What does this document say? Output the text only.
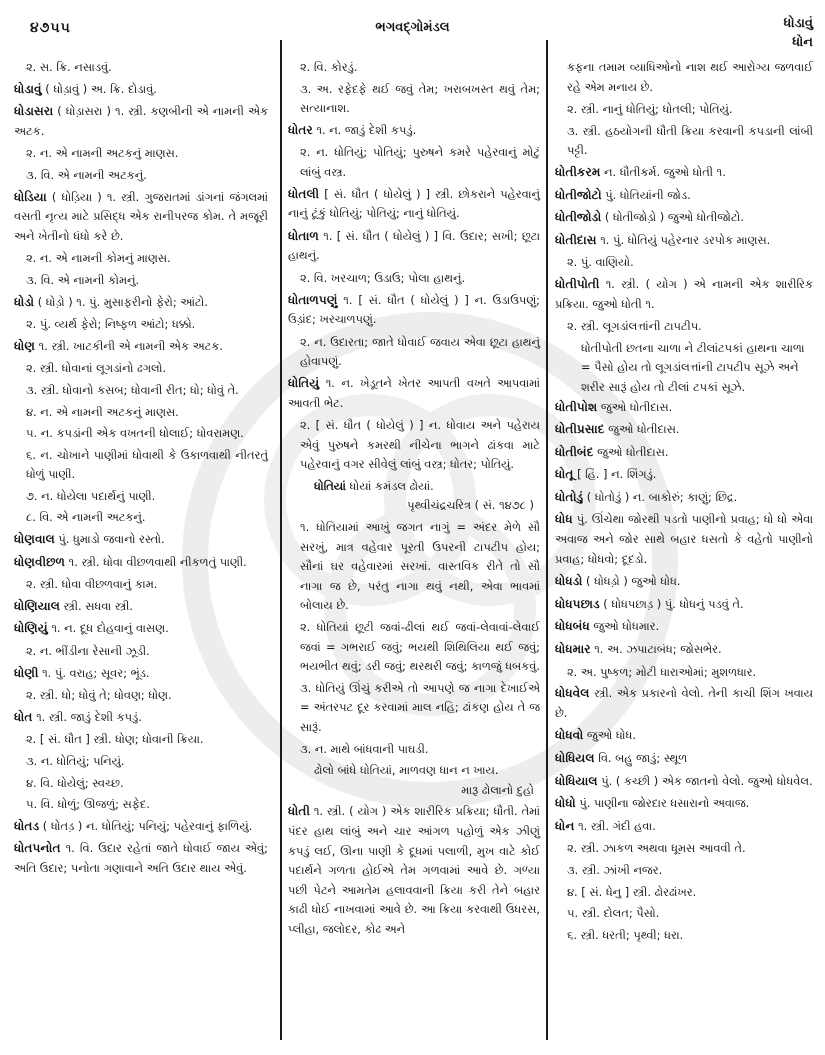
૪૭૫૫	ભગવદ્ગોમંડલ	ધોડાવું
ધોન
૨. સ. ક્રિ. નસાડવું.
ધોડાવું ( ધોડ઼ાવું ) અ. ક્રિ. દોડાવું.
ધોડાસરા ( ધોડ઼ાસરા ) ૧. સ્ત્રી. કણબીની એ નામની એક અટક.
૨. ન. એ નામની અટકનું માણસ.
૩. વિ. એ નામની અટકનું.
ધોડિયા ( ધોડ઼િયા ) ૧. સ્ત્રી. ગુજરાતમાં ડાંગનાં જંગલમાં વસતી નૃત્ય માટે પ્રસિદ્ધ એક રાનીપરજ કોમ. તે મજૂરી અને ખેતીનો ધંધો કરે છે.
૨. ન. એ નામની કોમનું માણસ.
૩. વિ. એ નામની કોમનું.
ધોડો ( ધોડ઼ો ) ૧. પું. મુસાફરીનો ફેરો; આંટો.
૨. પું. વ્યર્થ ફેરો; નિષ્ફળ આંટો; ધક્કો.
ધોણ ૧. સ્ત્રી. ખાટકીની એ નામની એક અટક.
૨. સ્ત્રી. ધોવાનાં લૂગડાંનો ઢગલો.
૩. સ્ત્રી. ધોવાનો કસબ; ધોવાની રીત; ધો; ધોવું તે.
૪. ન. એ નામની અટકનું માણસ.
૫. ન. કપડાંની એક વખતની ધોલાઈ; ધોવરામણ.
૬. ન. ચોખાને પાણીમાં ધોવાથી કે ઉકાળવાથી નીતરતું ધોળું પાણી.
૭. ન. ધોયેલા પદાર્થનું પાણી.
૮. વિ. એ નામની અટકનું.
ધોણવાલ પું. ધુમાડો જવાનો રસ્તો.
ધોણવીછળ ૧. સ્ત્રી. ધોવા વીછળવાથી નીકળતું પાણી.
૨. સ્ત્રી. ધોવા વીછળવાનું કામ.
ધોણિયાલ સ્ત્રી. સધવા સ્ત્રી.
ધોણિયું ૧. ન. દૂધ દોહવાનું વાસણ.
૨. ન. ભીંડીના રેસાની ઝૂડી.
ધોણી ૧. પું. વરાહ; સૂવર; ભૂંડ.
૨. સ્ત્રી. ધો; ધોવું તે; ધોવણ; ધોણ.
ધોત ૧. સ્ત્રી. જાડું દેશી કપડું.
૨. [ સં. ધૌત ] સ્ત્રી. ધોણ; ધોવાની ક્રિયા.
૩. ન. ધોતિયું; પનિયું.
૪. વિ. ધોયેલું; સ્વચ્છ.
૫. વિ. ધોળું; ઊજળું; સફેદ.
ધોતડ ( ધોતડ઼ ) ન. ધોતિયું; પનિયું; પહેરવાનું ફાળિયું.
ધોતપનોત ૧. વિ. ઉદાર રહેતાં જાતે ધોવાઈ જાય એવું; અતિ ઉદાર; પનોતા ગણાવાને અતિ ઉદાર થાય એવું.
૨. વિ. કોરડું.
૩. અ. રફેદફે થઈ જવું તેમ; ખરાબખસ્ત થવું તેમ; સત્યાનાશ.
ધોતર ૧. ન. જાડું દેશી કપડું.
૨. ન. ધોતિયું; પોતિયું; પુરુષને કમરે પહેરવાનું મોટું લાંબું વસ્ત્ર.
ધોતલી [ સં. ધૌત ( ધોયેલું ) ] સ્ત્રી. છોકરાને પહેરવાનું નાનું ટૂંકું ધોતિયું; પોતિયું; નાનું ધોતિયું.
ધોતાળ ૧. [ સં. ધૌત ( ધોયેલું ) ] વિ. ઉદાર; સખી; છૂટા હાથનું.
૨. વિ. ખરચાળ; ઉડાઉ; પોલા હાથનું.
ધોતાળપણું ૧. [ સં. ધૌત ( ધોયેલું ) ] ન. ઉડાઉપણું; ઉડ઼ાંદ; ખરચાળપણું.
૨. ન. ઉદારતા; જાતે ધોવાઈ જવાય એવા છૂટા હાથનું હોવાપણું.
ધોતિયું ૧. ન. ખેડૂતને ખેતર આપતી વખતે આપવામાં આવતી ભેટ.
૨. [ સં. ધૌત ( ધોયેલું ) ] ન. ધોવાય અને પહેરાય એવું પુરુષને કમરથી નીચેના ભાગને ઢાંકવા માટે પહેરવાનું વગર સીવેલું લાંબું વસ્ત્ર; ધોતર; પોતિયું.
ધોતિયાં ધોયાં કમંડલ ઢોયાં.
પૃથ્વીચંદ્રચરિત્ર ( સં. ૧૪૭૮ )
૧. ધોતિયામાં આખું જગત નાગું = અંદર મેળે સૌ સરખું, માત્ર વહેવાર પૂરતી ઉપરની ટાપટીપ હોય; સૌનાં ઘર વહેવારમાં સરખાં. વાસ્તવિક રીતે તો સૌ નાગા જ છે, પરંતુ નાગા થવું નથી, એવા ભાવમાં બોલાય છે.
૨. ધોતિયાં છૂટી જવાં-ઢીલાં થઈ જવાં-લેવાવાં-લેવાઈ જવાં = ગભરાઈ જવું; ભયથી શિથિલિયા થઈ જવું; ભયભીત થવું; ડરી જવું; થરથરી જવું; કાળજું ધબકવું.
૩. ધોતિયું ઊંચું કરીએ તો આપણે જ નાગા દેખાઈએ = અંતરપટ દૂર કરવામાં માલ નહિ; ઢાંકણ હોય તે જ સારૂં.
૩. ન. માથે બાંધવાની પાઘડી.
ઢોલો બાંધે ધોતિયાં, માળવણ ધાન ન ખાય.
મારૂ ઢોલાનો દુહો
ધોતી ૧. સ્ત્રી. ( યોગ ) એક શારીરિક પ્રક્રિયા; ધૌતી. તેમાં પંદર હાથ લાંબું અને ચાર આંગળ પહોળું એક ઝીણું કપડું લઈ, ઊના પાણી કે દૂધમાં પલાળી, મુખ વાટે કોઈ પદાર્થને ગળતા હોઈએ તેમ ગળવામાં આવે છે. ગળ્યા પછી પેટને આમતેમ હલાવવાની ક્રિયા કરી તેને બહાર કાઢી ધોઈ નાખવામાં આવે છે. આ ક્રિયા કરવાથી ઉધરસ, પ્લીહા, જલોદર, કોઢ અને
કફના તમામ વ્યાધિઓનો નાશ થઈ આરોગ્ય જળવાઈ રહે એમ મનાય છે.
૨. સ્ત્રી. નાનું ધોતિયું; ધોતલી; પોતિયું.
૩. સ્ત્રી. હઠયોગની ધૌતી ક્રિયા કરવાની કપડાની લાંબી પટ્ટી.
ધોતીકરમ ન. ધૌતીકર્મ. જુઓ ધોતી ૧.
ધોતીજોટો પું. ધોતિયાંની જોડ.
ધોતીજોડો ( ધોતીજોડ઼ો ) જુઓ ધોતીજોટો.
ધોતીદાસ ૧. પું. ધોતિયું પહેરનાર ડરપોક માણસ.
૨. પું. વાણિયો.
ધોતીપોતી ૧. સ્ત્રી. ( યોગ ) એ નામની એક શારીરિક પ્રક્રિયા. જુઓ ધોતી ૧.
૨. સ્ત્રી. લૂગડાંલત્તાંની ટાપટીપ.
ધોતીપોતી છતના ચાળા ને ટીલાંટપકાં હાથના ચાળા = પૈસો હોય તો લૂગડાંલત્તાંની ટાપટીપ સૂઝે અને શરીર સારૂં હોય તો ટીલાં ટપકાં સૂઝે.
ધોતીપોશ જુઓ ધોતીદાસ.
ધોતીપ્રસાદ જુઓ ધોતીદાસ.
ધોતીબંદ જુઓ ધોતીદાસ.
ધોતૂ [ હિં. ] ન. શિંગડું.
ધોતોડું ( ધોતોડ઼ું ) ન. બાકોરું; કાણું; છિદ્ર.
ધોધ પું. ઊંચેથા જોરથી પડતો પાણીનો પ્રવાહ; ધો ધો એવા અવાજ અને જોર સાથે બહાર ધસતો કે વહેતો પાણીનો પ્રવાહ; ધોધવો; દૂદડો.
ધોધડો ( ધોધડ઼ો ) જુઓ ધોધ.
ધોધપછાડ ( ધોધપછાડ઼ ) પું. ધોધનું પડવું તે.
ધોધબંધ જુઓ ધોધમાર.
ધોધમાર ૧. અ. ઝપાટાબંધ; જોસભેર.
૨. અ. પુષ્કળ; મોટી ધારાઓમાં; મુશળધાર.
ધોધવેલ સ્ત્રી. એક પ્રકારનો વેલો. તેની કાચી શિંગ ખવાય છે.
ધોધવો જુઓ ધોધ.
ધોધિયલ વિ. બહુ જાડું; સ્થૂળ
ધોધિયાલ પું. ( કચ્છી ) એક જાતનો વેલો. જુઓ ધોધવેલ.
ધોધો પું. પાણીના જોરદાર ધસારાનો અવાજ.
ધોન ૧. સ્ત્રી. ગંદી હવા.
૨. સ્ત્રી. ઝાકળ અથવા ધૂમસ આવવી તે.
૩. સ્ત્રી. ઝાંખી નજર.
૪. [ સં. ધેનુ ] સ્ત્રી. ઢોરઢાંખર.
૫. સ્ત્રી. દોલત; પૈસો.
૬. સ્ત્રી. ધરતી; પૃથ્વી; ધરા.
